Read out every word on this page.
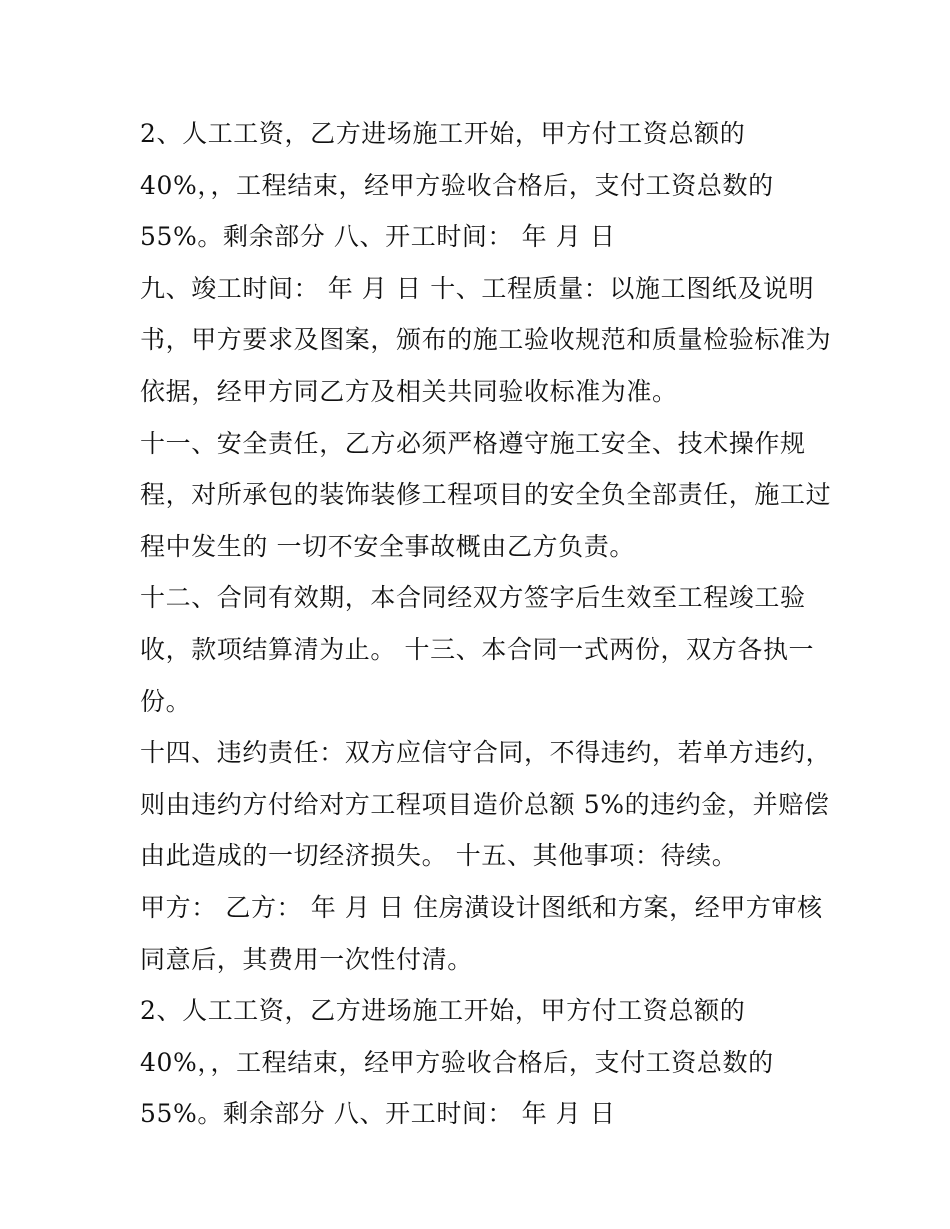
2、人工工资，乙方进场施工开始，甲方付工资总额的
40%，，工程结束，经甲方验收合格后，支付工资总数的
55%。剩余部分 八、开工时间： 年 月 日
九、竣工时间： 年 月 日 十、工程质量：以施工图纸及说明
书，甲方要求及图案，颁布的施工验收规范和质量检验标准为
依据，经甲方同乙方及相关共同验收标准为准。
十一、安全责任，乙方必须严格遵守施工安全、技术操作规
程，对所承包的装饰装修工程项目的安全负全部责任，施工过
程中发生的 一切不安全事故概由乙方负责。
十二、合同有效期，本合同经双方签字后生效至工程竣工验
收，款项结算清为止。 十三、本合同一式两份，双方各执一
份。
十四、违约责任：双方应信守合同，不得违约，若单方违约，
则由违约方付给对方工程项目造价总额 5%的违约金，并赔偿
由此造成的一切经济损失。 十五、其他事项：待续。
甲方： 乙方： 年 月 日 住房潢设计图纸和方案，经甲方审核
同意后，其费用一次性付清。
2、人工工资，乙方进场施工开始，甲方付工资总额的
40%，，工程结束，经甲方验收合格后，支付工资总数的
55%。剩余部分 八、开工时间： 年 月 日
